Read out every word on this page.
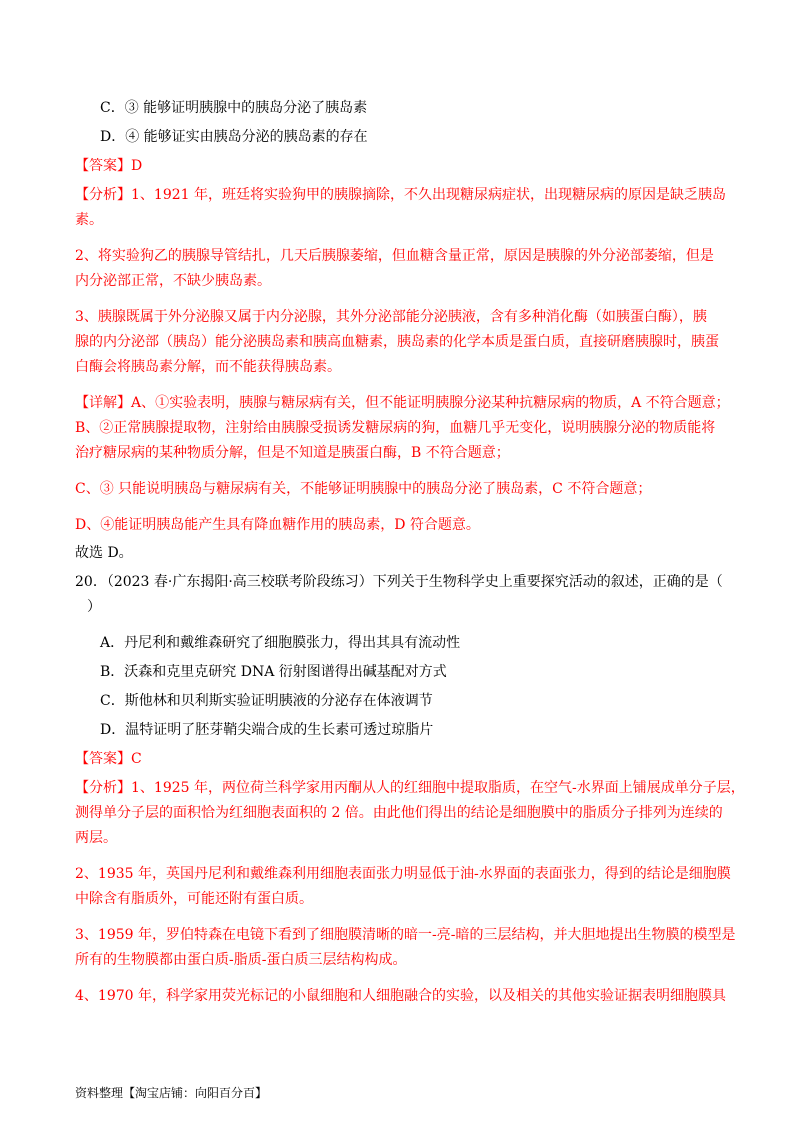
C．③ 能够证明胰腺中的胰岛分泌了胰岛素
D．④ 能够证实由胰岛分泌的胰岛素的存在
【答案】D
【分析】1、1921 年，班廷将实验狗甲的胰腺摘除，不久出现糖尿病症状，出现糖尿病的原因是缺乏胰岛
素。
2、将实验狗乙的胰腺导管结扎，几天后胰腺萎缩，但血糖含量正常，原因是胰腺的外分泌部萎缩，但是
内分泌部正常，不缺少胰岛素。
3、胰腺既属于外分泌腺又属于内分泌腺，其外分泌部能分泌胰液，含有多种消化酶（如胰蛋白酶），胰
腺的内分泌部（胰岛）能分泌胰岛素和胰高血糖素，胰岛素的化学本质是蛋白质，直接研磨胰腺时，胰蛋
白酶会将胰岛素分解，而不能获得胰岛素。
【详解】A、①实验表明，胰腺与糖尿病有关，但不能证明胰腺分泌某种抗糖尿病的物质，A 不符合题意；
B、②正常胰腺提取物，注射给由胰腺受损诱发糖尿病的狗，血糖几乎无变化，说明胰腺分泌的物质能将
治疗糖尿病的某种物质分解，但是不知道是胰蛋白酶，B 不符合题意；
C、③ 只能说明胰岛与糖尿病有关，不能够证明胰腺中的胰岛分泌了胰岛素，C 不符合题意；
D、④能证明胰岛能产生具有降血糖作用的胰岛素，D 符合题意。
故选 D。
20．（2023 春·广东揭阳·高三校联考阶段练习）下列关于生物科学史上重要探究活动的叙述，正确的是（
）
A．丹尼利和戴维森研究了细胞膜张力，得出其具有流动性
B．沃森和克里克研究 DNA 衍射图谱得出碱基配对方式
C．斯他林和贝利斯实验证明胰液的分泌存在体液调节
D．温特证明了胚芽鞘尖端合成的生长素可透过琼脂片
【答案】C
【分析】1、1925 年，两位荷兰科学家用丙酮从人的红细胞中提取脂质，在空气-水界面上铺展成单分子层，
测得单分子层的面积恰为红细胞表面积的 2 倍。由此他们得出的结论是细胞膜中的脂质分子排列为连续的
两层。
2、1935 年，英国丹尼利和戴维森利用细胞表面张力明显低于油-水界面的表面张力，得到的结论是细胞膜
中除含有脂质外，可能还附有蛋白质。
3、1959 年，罗伯特森在电镜下看到了细胞膜清晰的暗一-亮-暗的三层结构，并大胆地提出生物膜的模型是
所有的生物膜都由蛋白质-脂质-蛋白质三层结构构成。
4、1970 年，科学家用荧光标记的小鼠细胞和人细胞融合的实验，以及相关的其他实验证据表明细胞膜具
资料整理【淘宝店铺：向阳百分百】
